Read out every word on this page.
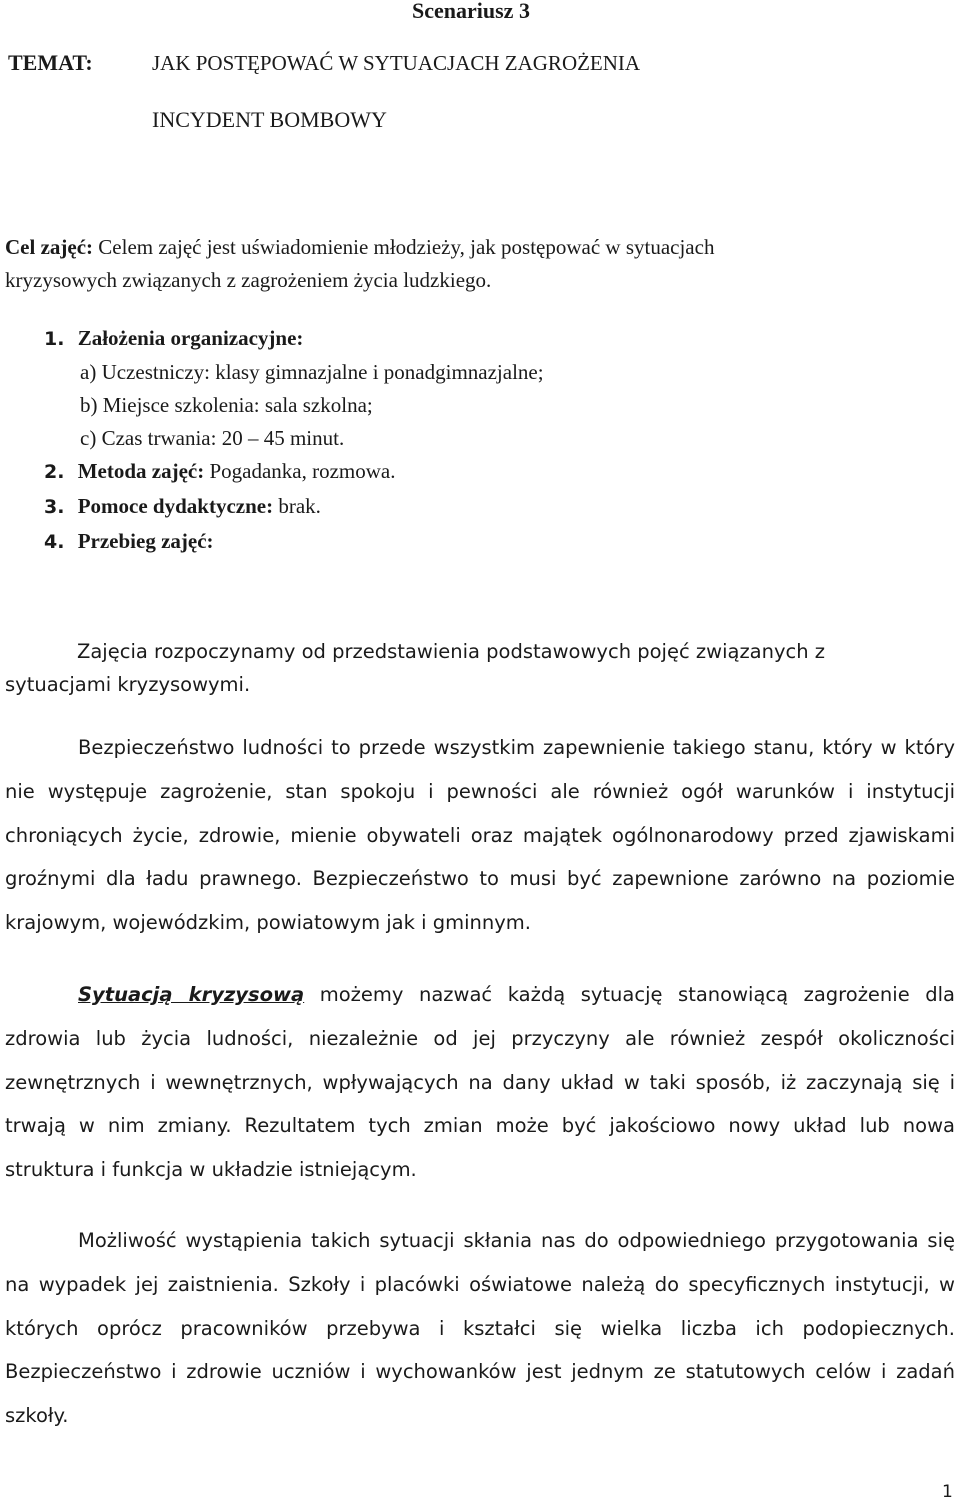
Scenariusz 3
TEMAT:	JAK POSTĘPOWAĆ W SYTUACJACH ZAGROŻENIA
INCYDENT BOMBOWY
Cel zajęć: Celem zajęć jest uświadomienie młodzieży, jak postępować w sytuacjach
kryzysowych związanych z zagrożeniem życia ludzkiego.
1. Założenia organizacyjne:
a) Uczestniczy: klasy gimnazjalne i ponadgimnazjalne;
b) Miejsce szkolenia: sala szkolna;
c) Czas trwania: 20 – 45 minut.
2. Metoda zajęć: Pogadanka, rozmowa.
3. Pomoce dydaktyczne: brak.
4. Przebieg zajęć:
Zajęcia rozpoczynamy od przedstawienia podstawowych pojęć związanych z
sytuacjami kryzysowymi.
Bezpieczeństwo ludności to przede wszystkim zapewnienie takiego stanu, który w który nie występuje zagrożenie, stan spokoju i pewności ale również ogół warunków i instytucji chroniących życie, zdrowie, mienie obywateli oraz majątek ogólnonarodowy przed zjawiskami groźnymi dla ładu prawnego. Bezpieczeństwo to musi być zapewnione zarówno na poziomie krajowym, wojewódzkim, powiatowym jak i gminnym.
Sytuacją kryzysową możemy nazwać każdą sytuację stanowiącą zagrożenie dla zdrowia lub życia ludności, niezależnie od jej przyczyny ale również zespół okoliczności zewnętrznych i wewnętrznych, wpływających na dany układ w taki sposób, iż zaczynają się i trwają w nim zmiany. Rezultatem tych zmian może być jakościowo nowy układ lub nowa struktura i funkcja w układzie istniejącym.
Możliwość wystąpienia takich sytuacji skłania nas do odpowiedniego przygotowania się na wypadek jej zaistnienia. Szkoły i placówki oświatowe należą do specyficznych instytucji, w których oprócz pracowników przebywa i kształci się wielka liczba ich podopiecznych. Bezpieczeństwo i zdrowie uczniów i wychowanków jest jednym ze statutowych celów i zadań szkoły.
1
